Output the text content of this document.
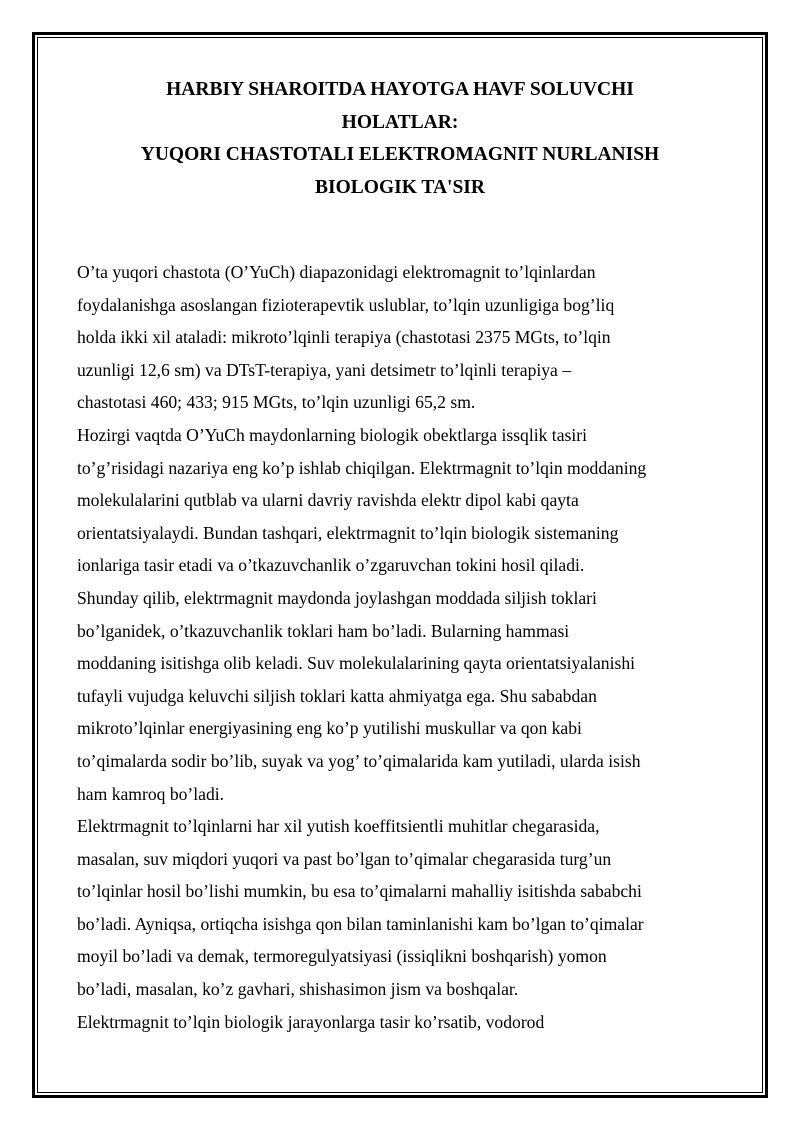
HARBIY SHAROITDA HAYOTGA HAVF SOLUVCHI
HOLATLAR:
YUQORI CHASTOTALI ELEKTROMAGNIT NURLANISH
BIOLOGIK TA'SIR
O’ta yuqori chastota (O’YuCh) diapazonidagi elektromagnit to’lqinlardan
foydalanishga asoslangan fizioterapevtik uslublar, to’lqin uzunligiga bog’liq
holda ikki xil ataladi: mikroto’lqinli terapiya (chastotasi 2375 MGts, to’lqin
uzunligi 12,6 sm) va DTsT-terapiya, yani detsimetr to’lqinli terapiya –
chastotasi 460; 433; 915 MGts, to’lqin uzunligi 65,2 sm.
Hozirgi vaqtda O’YuCh maydonlarning biologik obektlarga issqlik tasiri
to’g’risidagi nazariya eng ko’p ishlab chiqilgan. Elektrmagnit to’lqin moddaning
molekulalarini qutblab va ularni davriy ravishda elektr dipol kabi qayta
orientatsiyalaydi. Bundan tashqari, elektrmagnit to’lqin biologik sistemaning
ionlariga tasir etadi va o’tkazuvchanlik o’zgaruvchan tokini hosil qiladi.
Shunday qilib, elektrmagnit maydonda joylashgan moddada siljish toklari
bo’lganidek, o’tkazuvchanlik toklari ham bo’ladi. Bularning hammasi
moddaning isitishga olib keladi. Suv molekulalarining qayta orientatsiyalanishi
tufayli vujudga keluvchi siljish toklari katta ahmiyatga ega. Shu sababdan
mikroto’lqinlar energiyasining eng ko’p yutilishi muskullar va qon kabi
to’qimalarda sodir bo’lib, suyak va yog’ to’qimalarida kam yutiladi, ularda isish
ham kamroq bo’ladi.
Elektrmagnit to’lqinlarni har xil yutish koeffitsientli muhitlar chegarasida,
masalan, suv miqdori yuqori va past bo’lgan to’qimalar chegarasida turg’un
to’lqinlar hosil bo’lishi mumkin, bu esa to’qimalarni mahalliy isitishda sababchi
bo’ladi. Ayniqsa, ortiqcha isishga qon bilan taminlanishi kam bo’lgan to’qimalar
moyil bo’ladi va demak, termoregulyatsiyasi (issiqlikni boshqarish) yomon
bo’ladi, masalan, ko’z gavhari, shishasimon jism va boshqalar.
Elektrmagnit to’lqin biologik jarayonlarga tasir ko’rsatib, vodorod
